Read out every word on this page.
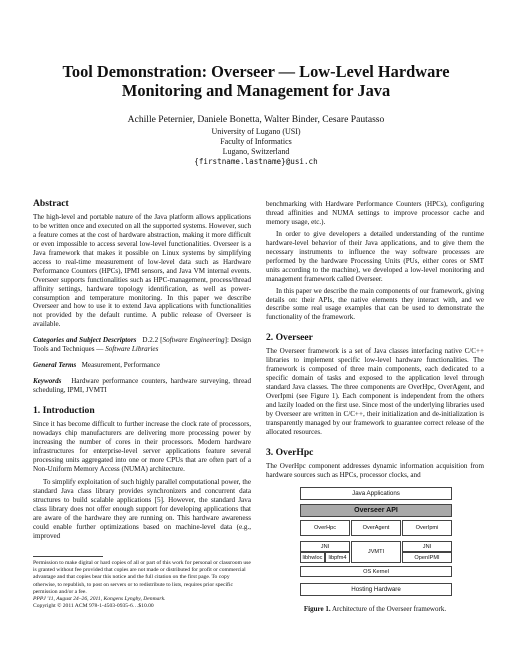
Tool Demonstration: Overseer — Low-Level Hardware Monitoring and Management for Java
Achille Peternier, Daniele Bonetta, Walter Binder, Cesare Pautasso
University of Lugano (USI)
Faculty of Informatics
Lugano, Switzerland
{firstname.lastname}@usi.ch
Abstract

The high-level and portable nature of the Java platform allows applications to be written once and executed on all the supported systems. However, such a feature comes at the cost of hardware abstraction, making it more difficult or even impossible to access several low-level functionalities. Overseer is a Java framework that makes it possible on Linux systems by simplifying access to real-time measurement of low-level data such as Hardware Performance Counters (HPCs), IPMI sensors, and Java VM internal events. Overseer supports functionalities such as HPC-management, process/thread affinity settings, hardware topology identification, as well as power-consumption and temperature monitoring. In this paper we describe Overseer and how to use it to extend Java applications with functionalities not provided by the default runtime. A public release of Overseer is available.

Categories and Subject Descriptors D.2.2 [Software Engineering]: Design Tools and Techniques — Software Libraries

General Terms Measurement, Performance

Keywords Hardware performance counters, hardware surveying, thread scheduling, IPMI, JVMTI

1. Introduction

Since it has become difficult to further increase the clock rate of processors, nowadays chip manufacturers are delivering more processing power by increasing the number of cores in their processors. Modern hardware infrastructures for enterprise-level server applications feature several processing units aggregated into one or more CPUs that are often part of a Non-Uniform Memory Access (NUMA) architecture.

To simplify exploitation of such highly parallel computational power, the standard Java class library provides synchronizers and concurrent data structures to build scalable applications [5]. However, the standard Java class library does not offer enough support for developing applications that are aware of the hardware they are running on. This hardware awareness could enable further optimizations based on machine-level data (e.g., improved

Permission to make digital or hard copies of all or part of this work for personal or classroom use is granted without fee provided that copies are not made or distributed for profit or commercial advantage and that copies bear this notice and the full citation on the first page. To copy otherwise, to republish, to post on servers or to redistribute to lists, requires prior specific permission and/or a fee.
PPPJ '11, August 24–26, 2011, Kongens Lyngby, Denmark.
Copyright © 2011 ACM 978-1-4503-0935-6…$10.00

benchmarking with Hardware Performance Counters (HPCs), configuring thread affinities and NUMA settings to improve processor cache and memory usage, etc.).

In order to give developers a detailed understanding of the runtime hardware-level behavior of their Java applications, and to give them the necessary instruments to influence the way software processes are performed by the hardware Processing Units (PUs, either cores or SMT units according to the machine), we developed a low-level monitoring and management framework called Overseer.

In this paper we describe the main components of our framework, giving details on: their APIs, the native elements they interact with, and we describe some real usage examples that can be used to demonstrate the functionality of the framework.

2. Overseer

The Overseer framework is a set of Java classes interfacing native C/C++ libraries to implement specific low-level hardware functionalities. The framework is composed of three main components, each dedicated to a specific domain of tasks and exposed to the application level through standard Java classes. The three components are OverHpc, OverAgent, and OverIpmi (see Figure 1). Each component is independent from the others and lazily loaded on the first use. Since most of the underlying libraries used by Overseer are written in C/C++, their initialization and de-initialization is transparently managed by our framework to guarantee correct release of the allocated resources.

3. OverHpc

The OverHpc component addresses dynamic information acquisition from hardware sources such as HPCs, processor clocks, and

Java Applications
Overseer API
OverHpc	OverAgent	OverIpmi
JNI
libhwloc	libpfm4
JVMTI
JNI
OpenIPMI
OS Kernel
Hosting Hardware
Figure 1. Architecture of the Overseer framework.
